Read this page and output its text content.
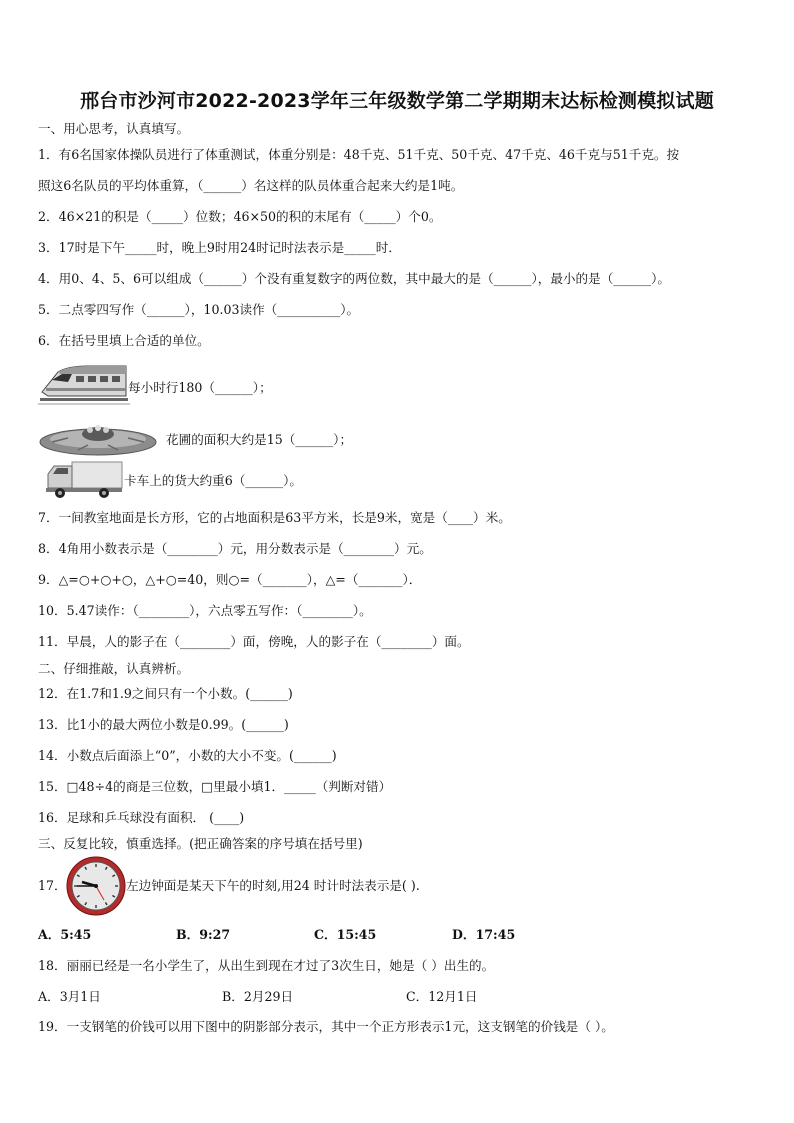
邢台市沙河市2022-2023学年三年级数学第二学期期末达标检测模拟试题
一、用心思考，认真填写。
1．有6名国家体操队员进行了体重测试，体重分别是：48千克、51千克、50千克、47千克、46千克与51千克。按
照这6名队员的平均体重算，（______）名这样的队员体重合起来大约是1吨。
2．46×21的积是（_____）位数；46×50的积的末尾有（_____）个0。
3．17时是下午_____时，晚上9时用24时记时法表示是_____时．
4．用0、4、5、6可以组成（______）个没有重复数字的两位数，其中最大的是（______），最小的是（______）。
5．二点零四写作（______），10.03读作（__________）。
6．在括号里填上合适的单位。
每小时行180（______）；
花圃的面积大约是15（______）；
卡车上的货大约重6（______）。
7．一间教室地面是长方形，它的占地面积是63平方米，长是9米，宽是（____）米。
8．4角用小数表示是（________）元，用分数表示是（________）元。
9．△=○+○+○，△+○=40，则○=（_______），△=（_______）．
10．5.47读作：（________），六点零五写作：（________）。
11．早晨，人的影子在（________）面，傍晚，人的影子在（________）面。
二、仔细推敲，认真辨析。
12．在1.7和1.9之间只有一个小数。(______)
13．比1小的最大两位小数是0.99。(______)
14．小数点后面添上“0”，小数的大小不变。(______)
15．□48÷4的商是三位数，□里最小填1．_____（判断对错）
16．足球和乒乓球没有面积． (____)
三、反复比较，慎重选择。(把正确答案的序号填在括号里)
17．	左边钟面是某天下午的时刻,用24 时计时法表示是( ).
A．5:45	B．9:27	C．15:45	D．17:45
18．丽丽已经是一名小学生了，从出生到现在才过了3次生日，她是（ ）出生的。
A．3月1日	B．2月29日	C．12月1日
19．一支钢笔的价钱可以用下图中的阴影部分表示，其中一个正方形表示1元，这支钢笔的价钱是（ ）。
